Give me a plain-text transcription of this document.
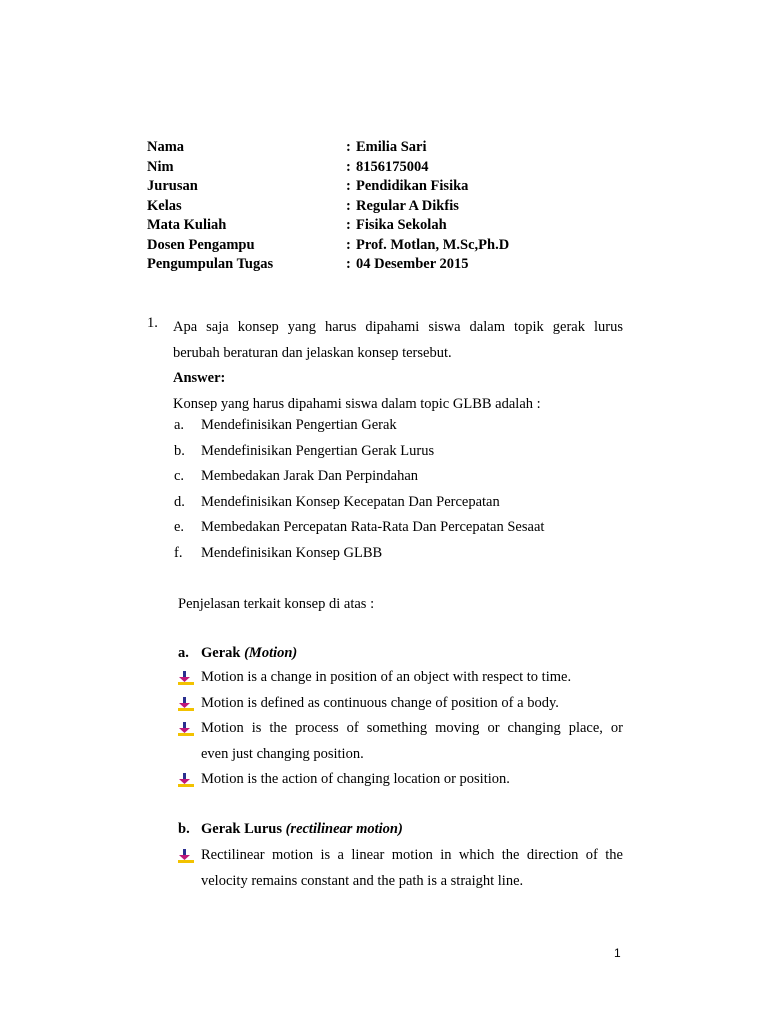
Nama	:Emilia Sari
Nim	:8156175004
Jurusan	:Pendidikan Fisika
Kelas	:Regular A Dikfis
Mata Kuliah	:Fisika Sekolah
Dosen Pengampu	:Prof. Motlan, M.Sc,Ph.D
Pengumpulan Tugas	:04 Desember 2015
1. Apa saja konsep yang harus dipahami siswa dalam topik gerak lurus
berubah beraturan dan jelaskan konsep tersebut.
Answer:
Konsep yang harus dipahami siswa dalam topic GLBB adalah :
a. Mendefinisikan Pengertian Gerak
b. Mendefinisikan Pengertian Gerak Lurus
c. Membedakan Jarak Dan Perpindahan
d. Mendefinisikan Konsep Kecepatan Dan Percepatan
e. Membedakan Percepatan Rata-Rata Dan Percepatan Sesaat
f. Mendefinisikan Konsep GLBB
Penjelasan terkait konsep di atas :
a. Gerak (Motion)
Motion is a change in position of an object with respect to time.
Motion is defined as continuous change of position of a body.
Motion is the process of something moving or changing place, or
even just changing position.
Motion is the action of changing location or position.
b. Gerak Lurus (rectilinear motion)
Rectilinear motion is a linear motion in which the direction of the
velocity remains constant and the path is a straight line.
1
